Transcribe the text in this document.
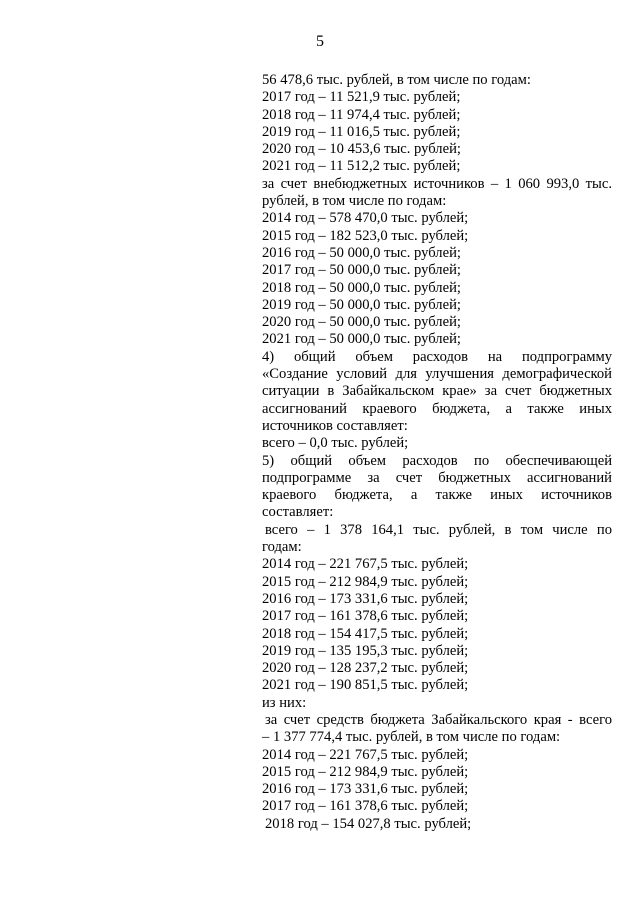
5
56 478,6 тыс. рублей, в том числе по годам:
2017 год – 11 521,9 тыс. рублей;
2018 год – 11 974,4 тыс. рублей;
2019 год – 11 016,5 тыс. рублей;
2020 год – 10 453,6 тыс. рублей;
2021 год – 11 512,2 тыс. рублей;
за счет внебюджетных источников – 1 060 993,0 тыс.
рублей, в том числе по годам:
2014 год – 578 470,0 тыс. рублей;
2015 год – 182 523,0 тыс. рублей;
2016 год – 50 000,0 тыс. рублей;
2017 год – 50 000,0 тыс. рублей;
2018 год – 50 000,0 тыс. рублей;
2019 год – 50 000,0 тыс. рублей;
2020 год – 50 000,0 тыс. рублей;
2021 год – 50 000,0 тыс. рублей;
4) общий объем расходов на подпрограмму
«Создание условий для улучшения демографической
ситуации в Забайкальском крае» за счет бюджетных
ассигнований краевого бюджета, а также иных
источников составляет:
всего – 0,0 тыс. рублей;
5) общий объем расходов по обеспечивающей
подпрограмме за счет бюджетных ассигнований
краевого бюджета, а также иных источников
составляет:
всего – 1 378 164,1 тыс. рублей, в том числе по
годам:
2014 год – 221 767,5 тыс. рублей;
2015 год – 212 984,9 тыс. рублей;
2016 год – 173 331,6 тыс. рублей;
2017 год – 161 378,6 тыс. рублей;
2018 год – 154 417,5 тыс. рублей;
2019 год – 135 195,3 тыс. рублей;
2020 год – 128 237,2 тыс. рублей;
2021 год – 190 851,5 тыс. рублей;
из них:
за счет средств бюджета Забайкальского края - всего
– 1 377 774,4 тыс. рублей, в том числе по годам:
2014 год – 221 767,5 тыс. рублей;
2015 год – 212 984,9 тыс. рублей;
2016 год – 173 331,6 тыс. рублей;
2017 год – 161 378,6 тыс. рублей;
2018 год – 154 027,8 тыс. рублей;
